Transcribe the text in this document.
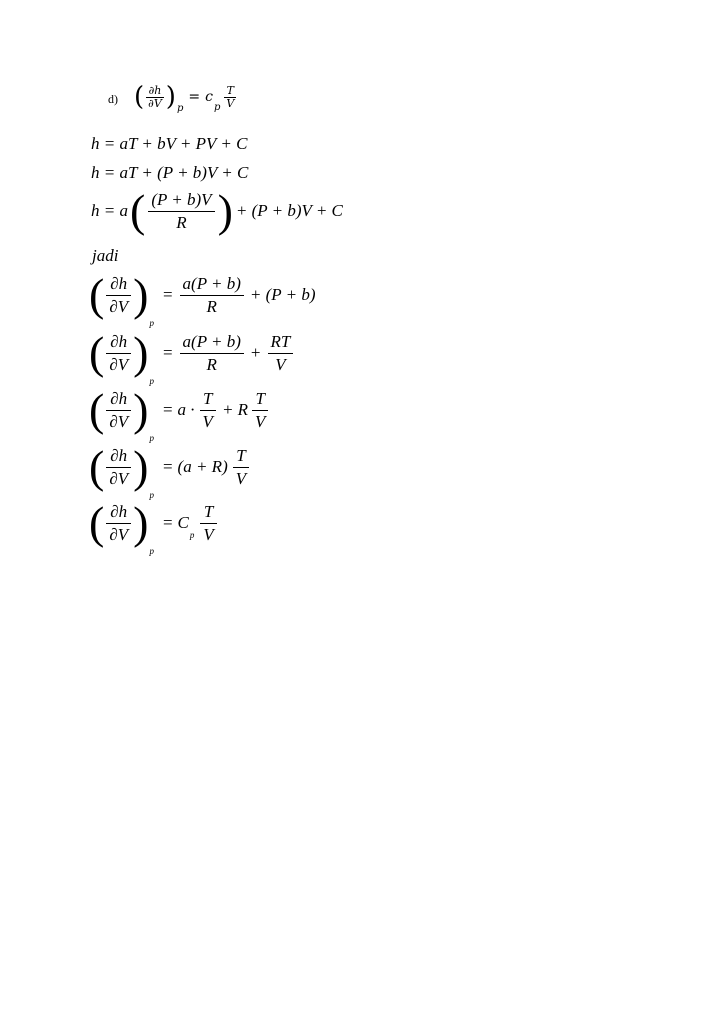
d) ( $\frac{\partial h}{\partial V}$ ) p
= c
p $\frac{T}{V}$
h = aT + bV + PV + C
h = aT + (P + b)V + C
h = a ( $\frac{(P + b)V}{R}$ ) + (P + b)V + C
jadi
( $\frac{\partial h}{\partial V}$ )
p
= $\frac{a(P + b)}{R} + (P + b)$
( $\frac{\partial h}{\partial V}$ )
p
= $\frac{a(P + b)}{R} + \frac{RT}{V}$
( $\frac{\partial h}{\partial V}$ )
p
= $a \cdot \frac{T}{V} + R \frac{T}{V}$
( $\frac{\partial h}{\partial V}$ )
p
= $(a + R) \frac{T}{V}$
( $\frac{\partial h}{\partial V}$ )
p
= C
p $\frac{T}{V}$
